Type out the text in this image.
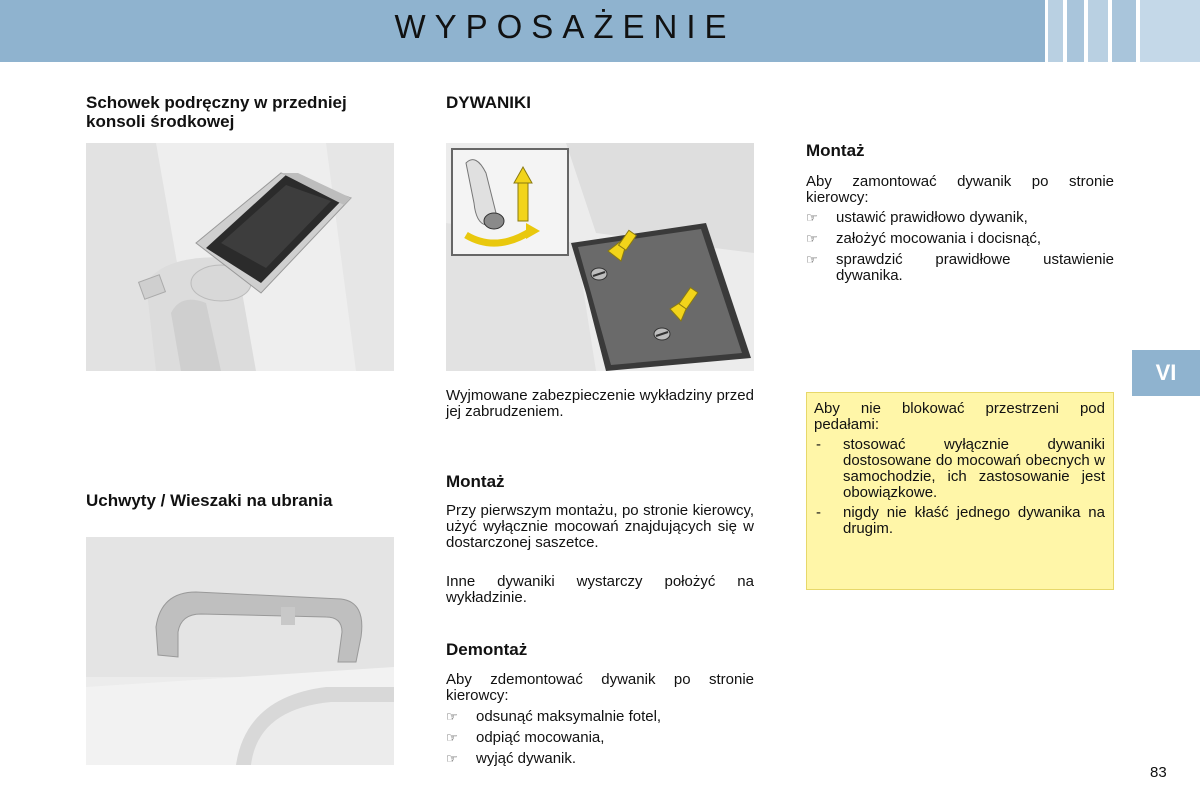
WYPOSAŻENIE
VI
Schowek podręczny w przedniej konsoli środkowej
Uchwyty / Wieszaki na ubrania
DYWANIKI
Wyjmowane zabezpieczenie wykładziny przed jej zabrudzeniem.
Montaż
Przy pierwszym montażu, po stronie kierowcy, użyć wyłącznie mocowań znajdujących się w dostarczonej saszetce.
Inne dywaniki wystarczy położyć na wykładzinie.
Demontaż
Aby zdemontować dywanik po stronie kierowcy:
☞	odsunąć maksymalnie fotel,
☞	odpiąć mocowania,
☞	wyjąć dywanik.
Montaż
Aby zamontować dywanik po stronie kierowcy:
☞	ustawić prawidłowo dywanik,
☞	założyć mocowania i docisnąć,
☞	sprawdzić prawidłowe ustawienie dywanika.
Aby nie blokować przestrzeni pod pedałami:
-	stosować wyłącznie dywaniki dostosowane do mocowań obecnych w samochodzie, ich zastosowanie jest obowiązkowe.
-	nigdy nie kłaść jednego dywanika na drugim.
83
